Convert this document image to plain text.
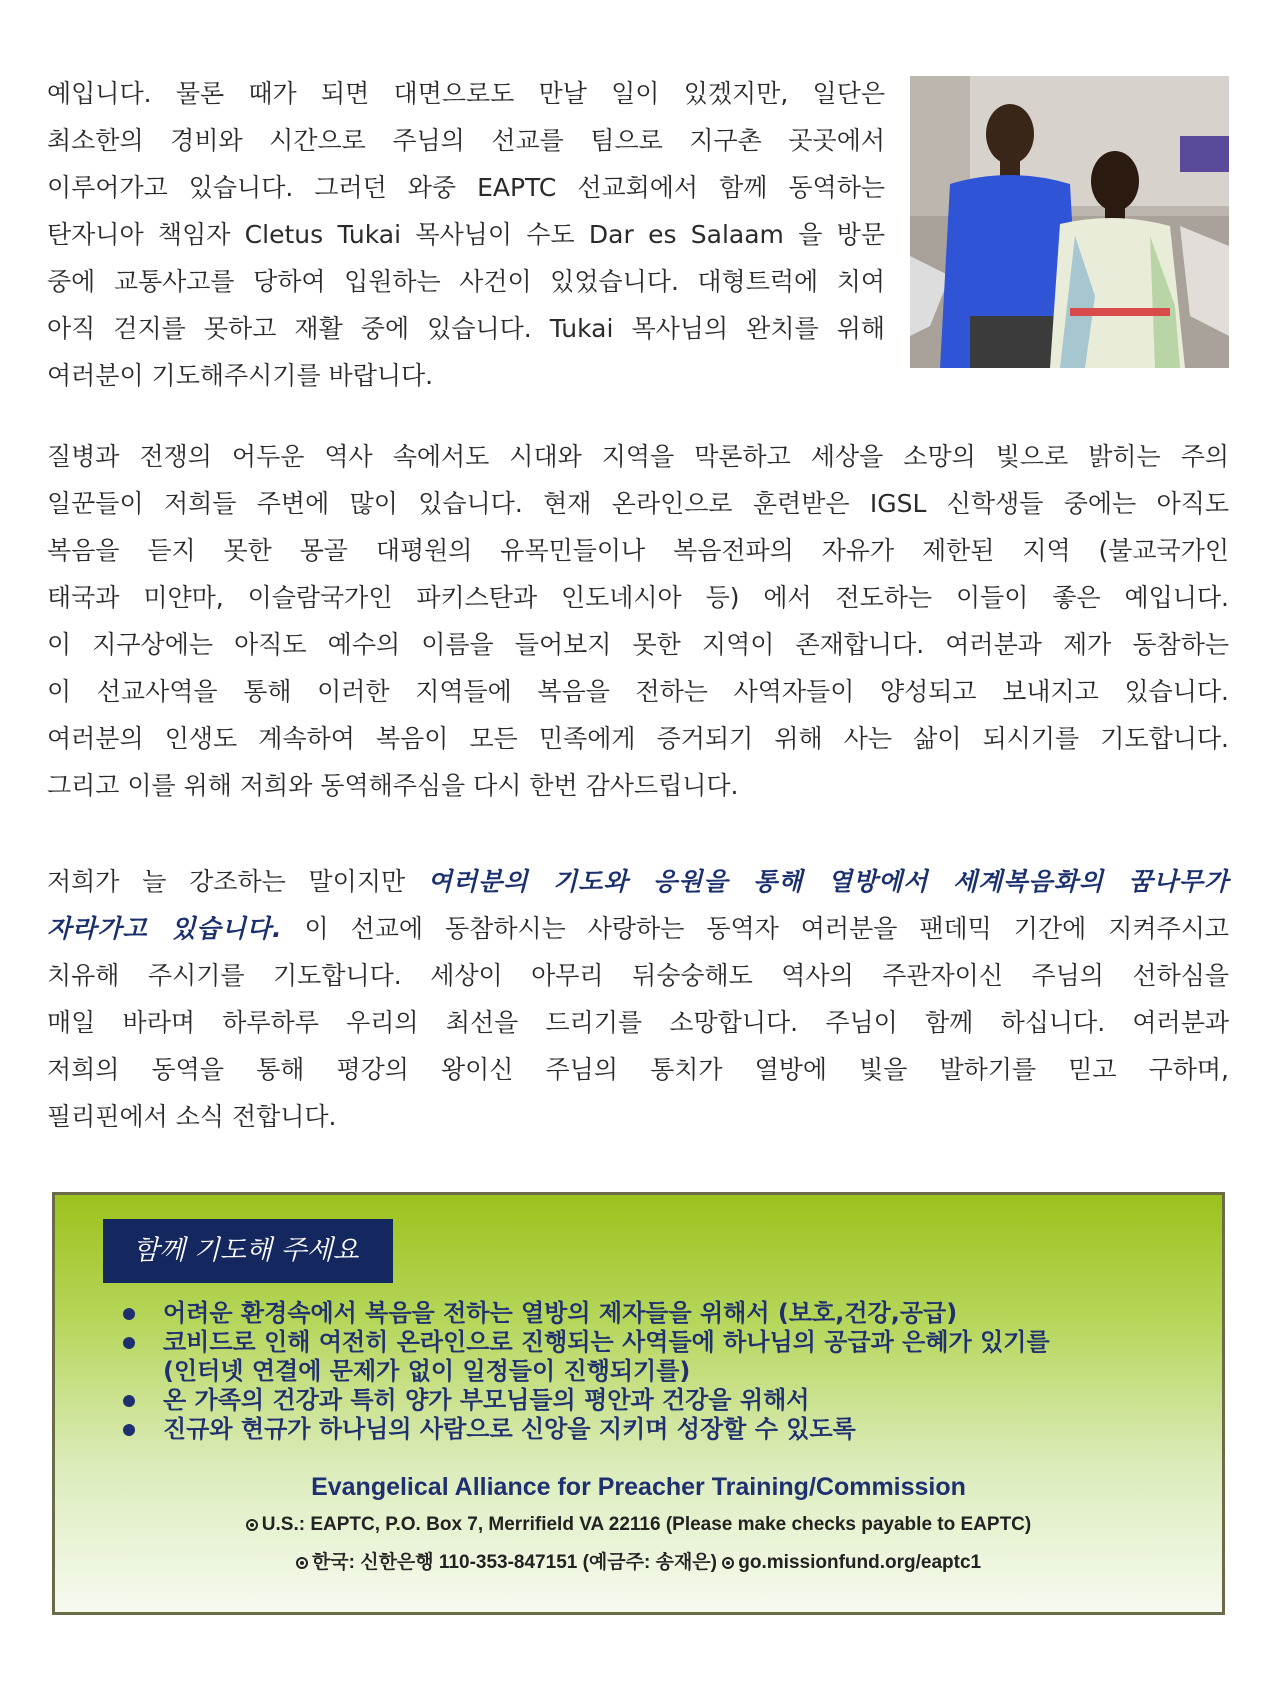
예입니다. 물론 때가 되면 대면으로도 만날 일이 있겠지만, 일단은
최소한의 경비와 시간으로 주님의 선교를 팀으로 지구촌 곳곳에서
이루어가고 있습니다. 그러던 와중 EAPTC 선교회에서 함께 동역하는
탄자니아 책임자 Cletus Tukai 목사님이 수도 Dar es Salaam 을 방문
중에 교통사고를 당하여 입원하는 사건이 있었습니다. 대형트럭에 치여
아직 걷지를 못하고 재활 중에 있습니다. Tukai 목사님의 완치를 위해
여러분이 기도해주시기를 바랍니다.
질병과 전쟁의 어두운 역사 속에서도 시대와 지역을 막론하고 세상을 소망의 빛으로 밝히는 주의
일꾼들이 저희들 주변에 많이 있습니다. 현재 온라인으로 훈련받은 IGSL 신학생들 중에는 아직도
복음을 듣지 못한 몽골 대평원의 유목민들이나 복음전파의 자유가 제한된 지역 (불교국가인
태국과 미얀마, 이슬람국가인 파키스탄과 인도네시아 등) 에서 전도하는 이들이 좋은 예입니다.
이 지구상에는 아직도 예수의 이름을 들어보지 못한 지역이 존재합니다. 여러분과 제가 동참하는
이 선교사역을 통해 이러한 지역들에 복음을 전하는 사역자들이 양성되고 보내지고 있습니다.
여러분의 인생도 계속하여 복음이 모든 민족에게 증거되기 위해 사는 삶이 되시기를 기도합니다.
그리고 이를 위해 저희와 동역해주심을 다시 한번 감사드립니다.
저희가 늘 강조하는 말이지만 여러분의 기도와 응원을 통해 열방에서 세계복음화의 꿈나무가
자라가고 있습니다. 이 선교에 동참하시는 사랑하는 동역자 여러분을 팬데믹 기간에 지켜주시고
치유해 주시기를 기도합니다. 세상이 아무리 뒤숭숭해도 역사의 주관자이신 주님의 선하심을
매일 바라며 하루하루 우리의 최선을 드리기를 소망합니다. 주님이 함께 하십니다. 여러분과
저희의 동역을 통해 평강의 왕이신 주님의 통치가 열방에 빛을 발하기를 믿고 구하며,
필리핀에서 소식 전합니다.
함께 기도해 주세요
어려운 환경속에서 복음을 전하는 열방의 제자들을 위해서 (보호,건강,공급)
코비드로 인해 여전히 온라인으로 진행되는 사역들에 하나님의 공급과 은혜가 있기를
(인터넷 연결에 문제가 없이 일정들이 진행되기를)
온 가족의 건강과 특히 양가 부모님들의 평안과 건강을 위해서
진규와 현규가 하나님의 사람으로 신앙을 지키며 성장할 수 있도록
Evangelical Alliance for Preacher Training/Commission
U.S.: EAPTC, P.O. Box 7, Merrifield VA 22116 (Please make checks payable to EAPTC)
한국: 신한은행 110-353-847151 (예금주: 송재은) go.missionfund.org/eaptc1
